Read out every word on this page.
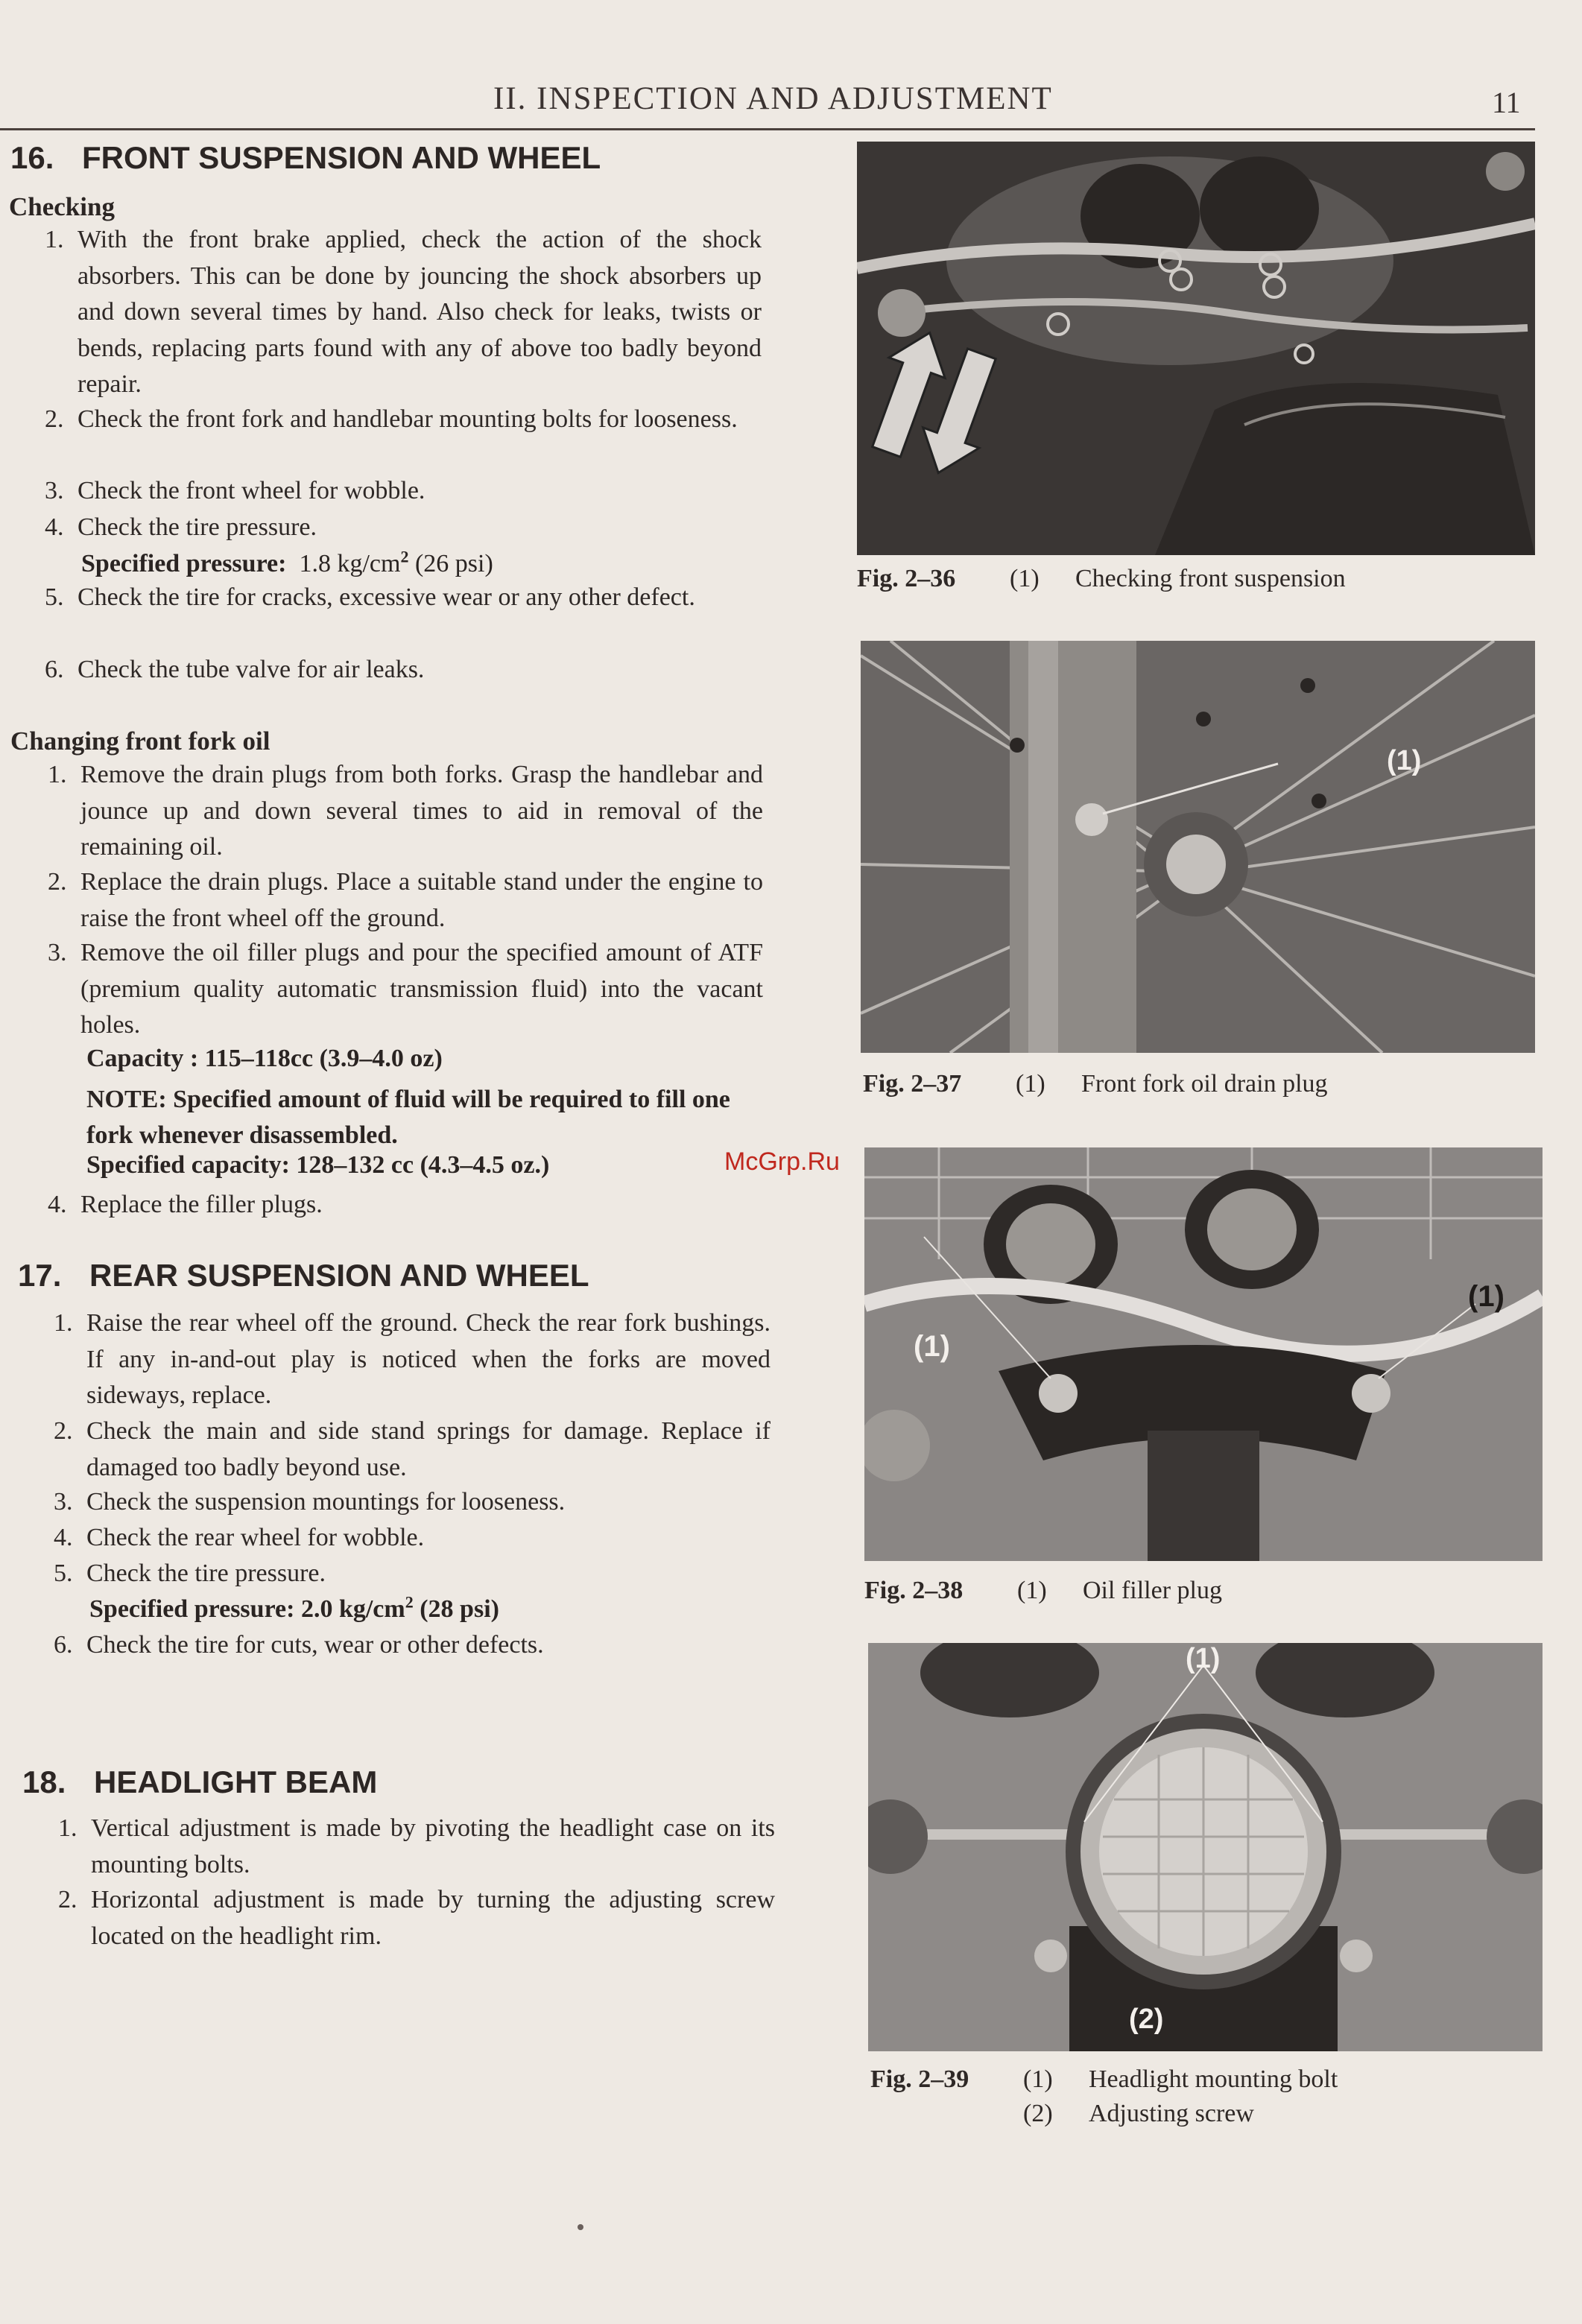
II. INSPECTION AND ADJUSTMENT	11
16. FRONT SUSPENSION AND WHEEL
Checking
1. With the front brake applied, check the action of the shock absorbers. This can be done by jouncing the shock absorbers up and down several times by hand. Also check for leaks, twists or bends, replacing parts found with any of above too badly beyond repair.
2. Check the front fork and handlebar mounting bolts for looseness.
3. Check the front wheel for wobble.
4. Check the tire pressure.
Specified pressure: 1.8 $kg/cm^2$ (26 psi)
5. Check the tire for cracks, excessive wear or any other defect.
6. Check the tube valve for air leaks.
Changing front fork oil
1. Remove the drain plugs from both forks. Grasp the handlebar and jounce up and down several times to aid in removal of the remaining oil.
2. Replace the drain plugs. Place a suitable stand under the engine to raise the front wheel off the ground.
3. Remove the oil filler plugs and pour the specified amount of ATF (premium quality automatic transmission fluid) into the vacant holes.
Capacity : 115–118cc (3.9–4.0 oz)
NOTE: Specified amount of fluid will be required to fill one fork whenever disassembled.
Specified capacity: 128–132 cc (4.3–4.5 oz.)
4. Replace the filler plugs.
17. REAR SUSPENSION AND WHEEL
1. Raise the rear wheel off the ground. Check the rear fork bushings. If any in-and-out play is noticed when the forks are moved sideways, replace.
2. Check the main and side stand springs for damage. Replace if damaged too badly beyond use.
3. Check the suspension mountings for looseness.
4. Check the rear wheel for wobble.
5. Check the tire pressure.
Specified pressure: 2.0 $kg/cm^2$ (28 psi)
6. Check the tire for cuts, wear or other defects.
18. HEADLIGHT BEAM
1. Vertical adjustment is made by pivoting the headlight case on its mounting bolts.
2. Horizontal adjustment is made by turning the adjusting screw located on the headlight rim.
McGrp.Ru
Fig. 2–36 (1) Checking front suspension
(1)
Fig. 2–37 (1) Front fork oil drain plug
(1)
(1)
Fig. 2–38 (1) Oil filler plug
(1)
(2)
Fig. 2–39 (1) Headlight mounting bolt
(2) Adjusting screw
